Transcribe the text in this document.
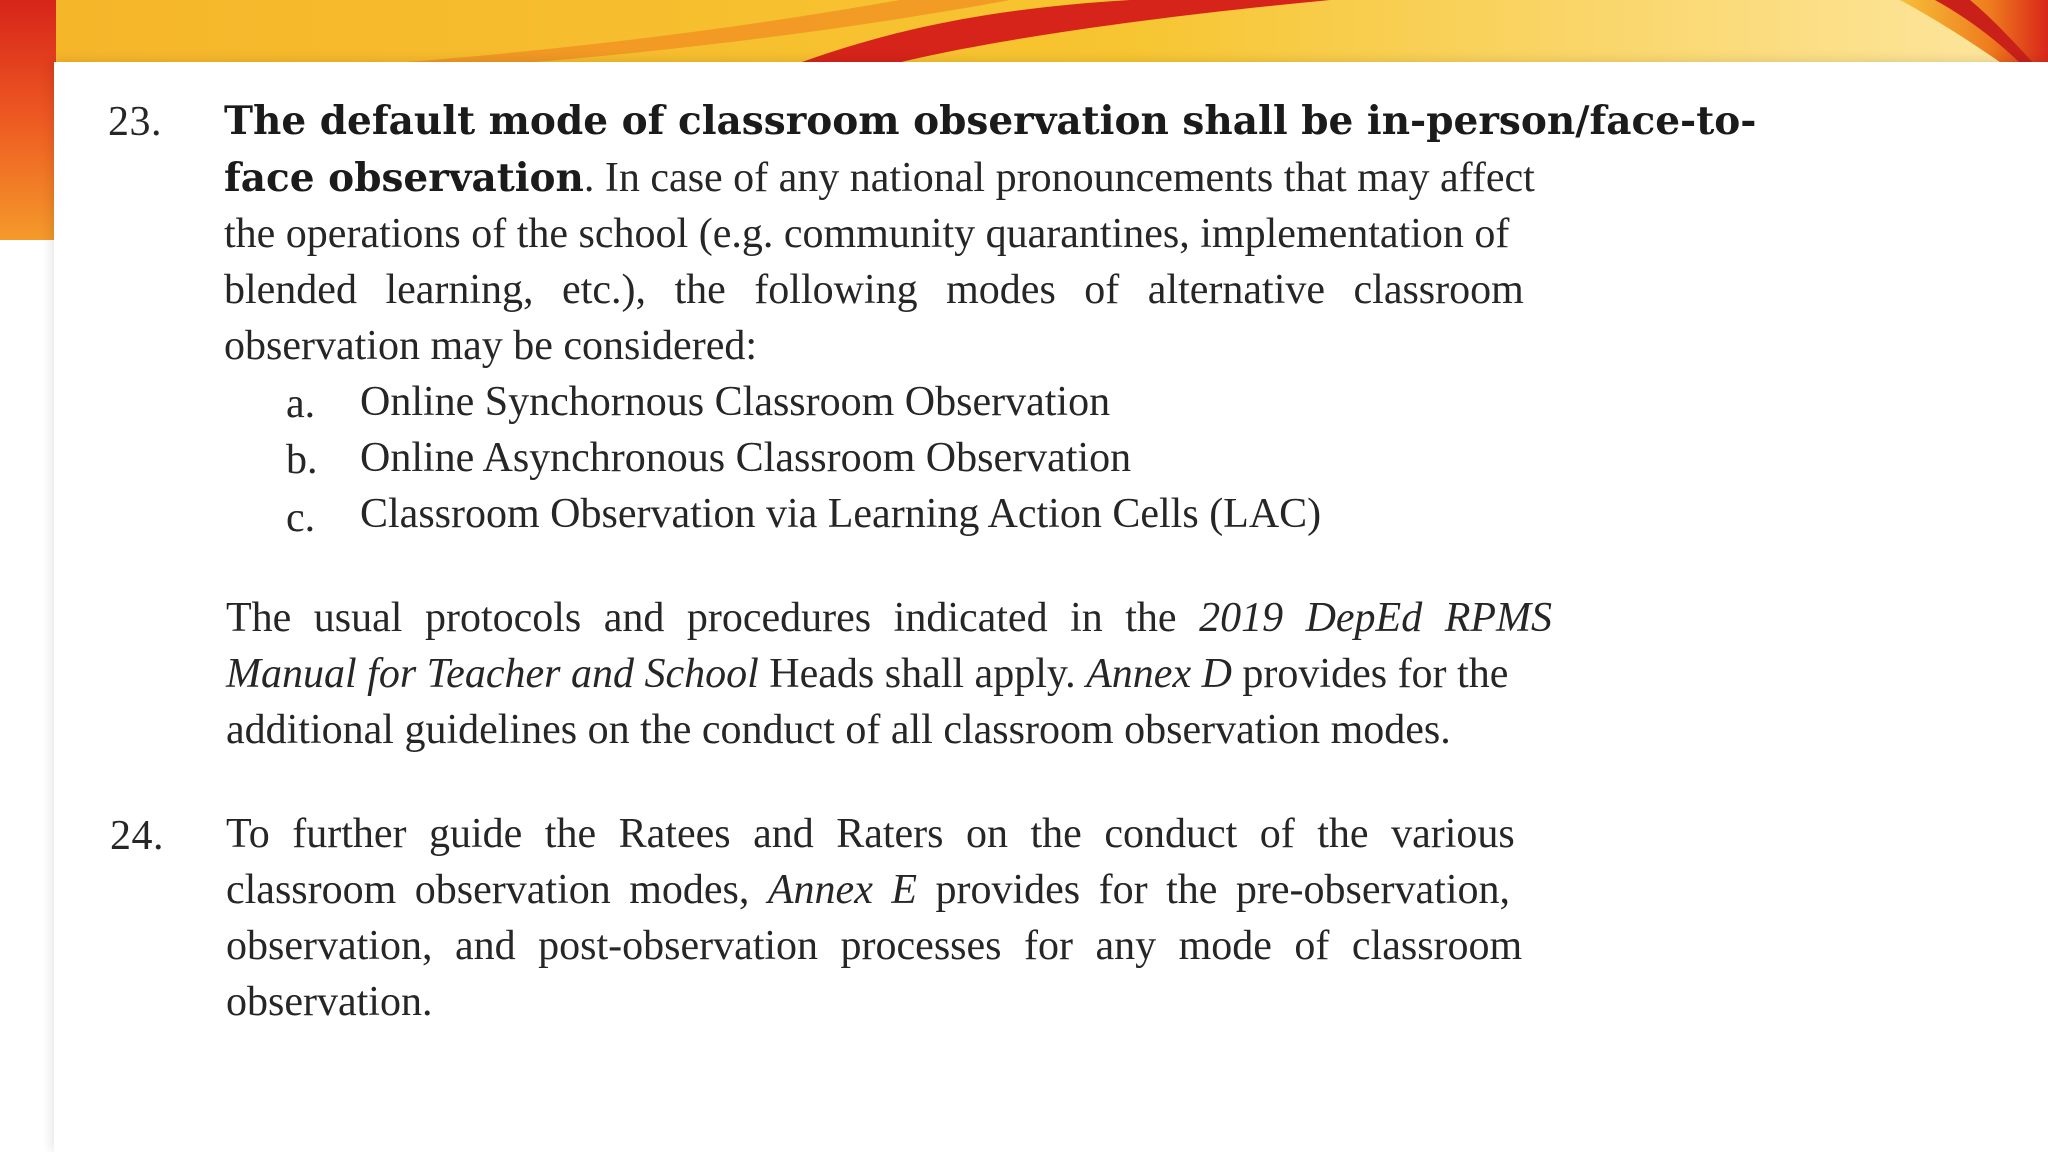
23. The default mode of classroom observation shall be in-person/face-to-
face observation. In case of any national pronouncements that may affect
the operations of the school (e.g. community quarantines, implementation of
blended learning, etc.), the following modes of alternative classroom
observation may be considered:
a. Online Synchornous Classroom Observation
b. Online Asynchronous Classroom Observation
c. Classroom Observation via Learning Action Cells (LAC)
The usual protocols and procedures indicated in the 2019 DepEd RPMS
Manual for Teacher and School Heads shall apply. Annex D provides for the
additional guidelines on the conduct of all classroom observation modes.
24. To further guide the Ratees and Raters on the conduct of the various
classroom observation modes, Annex E provides for the pre-observation,
observation, and post-observation processes for any mode of classroom
observation.
